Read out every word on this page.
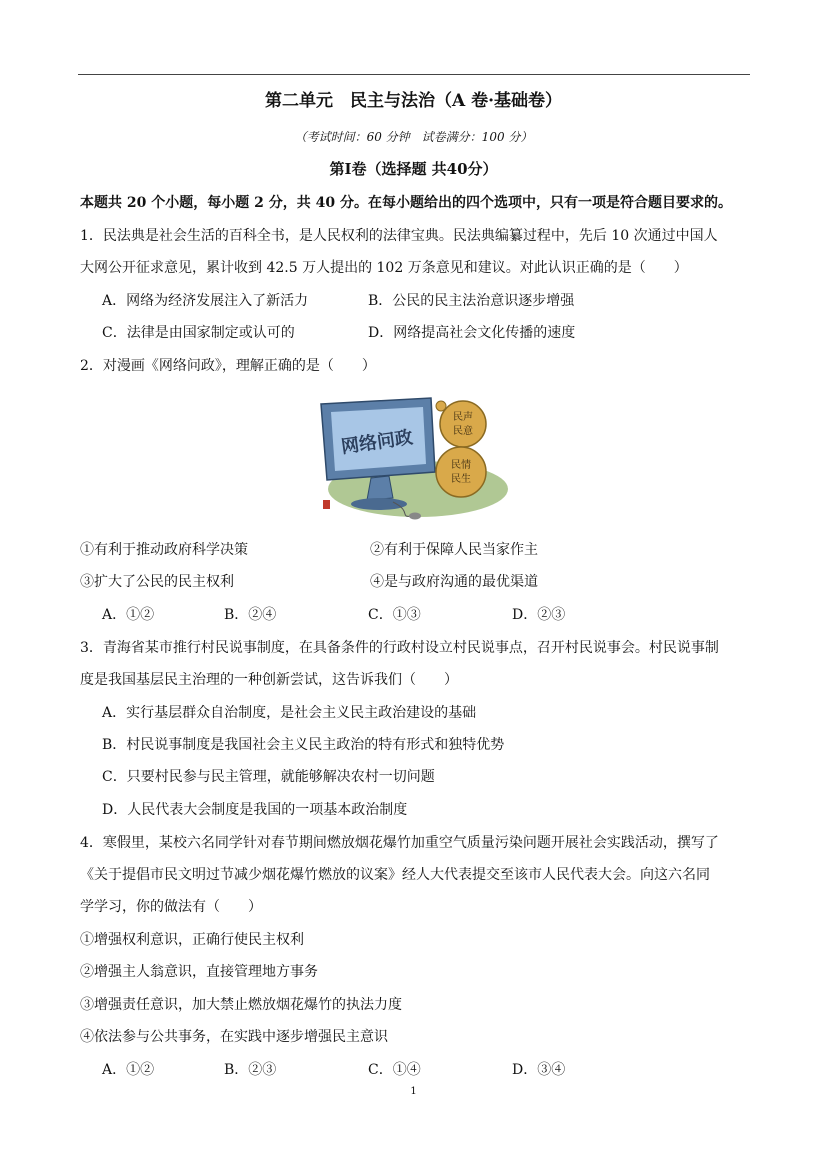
第二单元　民主与法治（A 卷·基础卷）
（考试时间：60 分钟　试卷满分：100 分）
第Ⅰ卷（选择题 共40分）
本题共 20 个小题，每小题 2 分，共 40 分。在每小题给出的四个选项中，只有一项是符合题目要求的。
1．民法典是社会生活的百科全书，是人民权利的法律宝典。民法典编纂过程中，先后 10 次通过中国人
大网公开征求意见，累计收到 42.5 万人提出的 102 万条意见和建议。对此认识正确的是（　　）
A．网络为经济发展注入了新活力	B．公民的民主法治意识逐步增强
C．法律是由国家制定或认可的	D．网络提高社会文化传播的速度
2．对漫画《网络问政》，理解正确的是（　　）
网络问政
民声
民意
民情
民生
①有利于推动政府科学决策	②有利于保障人民当家作主
③扩大了公民的民主权利	④是与政府沟通的最优渠道
A．①②	B．②④	C．①③	D．②③
3．青海省某市推行村民说事制度，在具备条件的行政村设立村民说事点，召开村民说事会。村民说事制
度是我国基层民主治理的一种创新尝试，这告诉我们（　　）
A．实行基层群众自治制度，是社会主义民主政治建设的基础
B．村民说事制度是我国社会主义民主政治的特有形式和独特优势
C．只要村民参与民主管理，就能够解决农村一切问题
D．人民代表大会制度是我国的一项基本政治制度
4．寒假里，某校六名同学针对春节期间燃放烟花爆竹加重空气质量污染问题开展社会实践活动，撰写了
《关于提倡市民文明过节减少烟花爆竹燃放的议案》经人大代表提交至该市人民代表大会。向这六名同
学学习，你的做法有（　　）
①增强权利意识，正确行使民主权利
②增强主人翁意识，直接管理地方事务
③增强责任意识，加大禁止燃放烟花爆竹的执法力度
④依法参与公共事务，在实践中逐步增强民主意识
A．①②	B．②③	C．①④	D．③④
1
